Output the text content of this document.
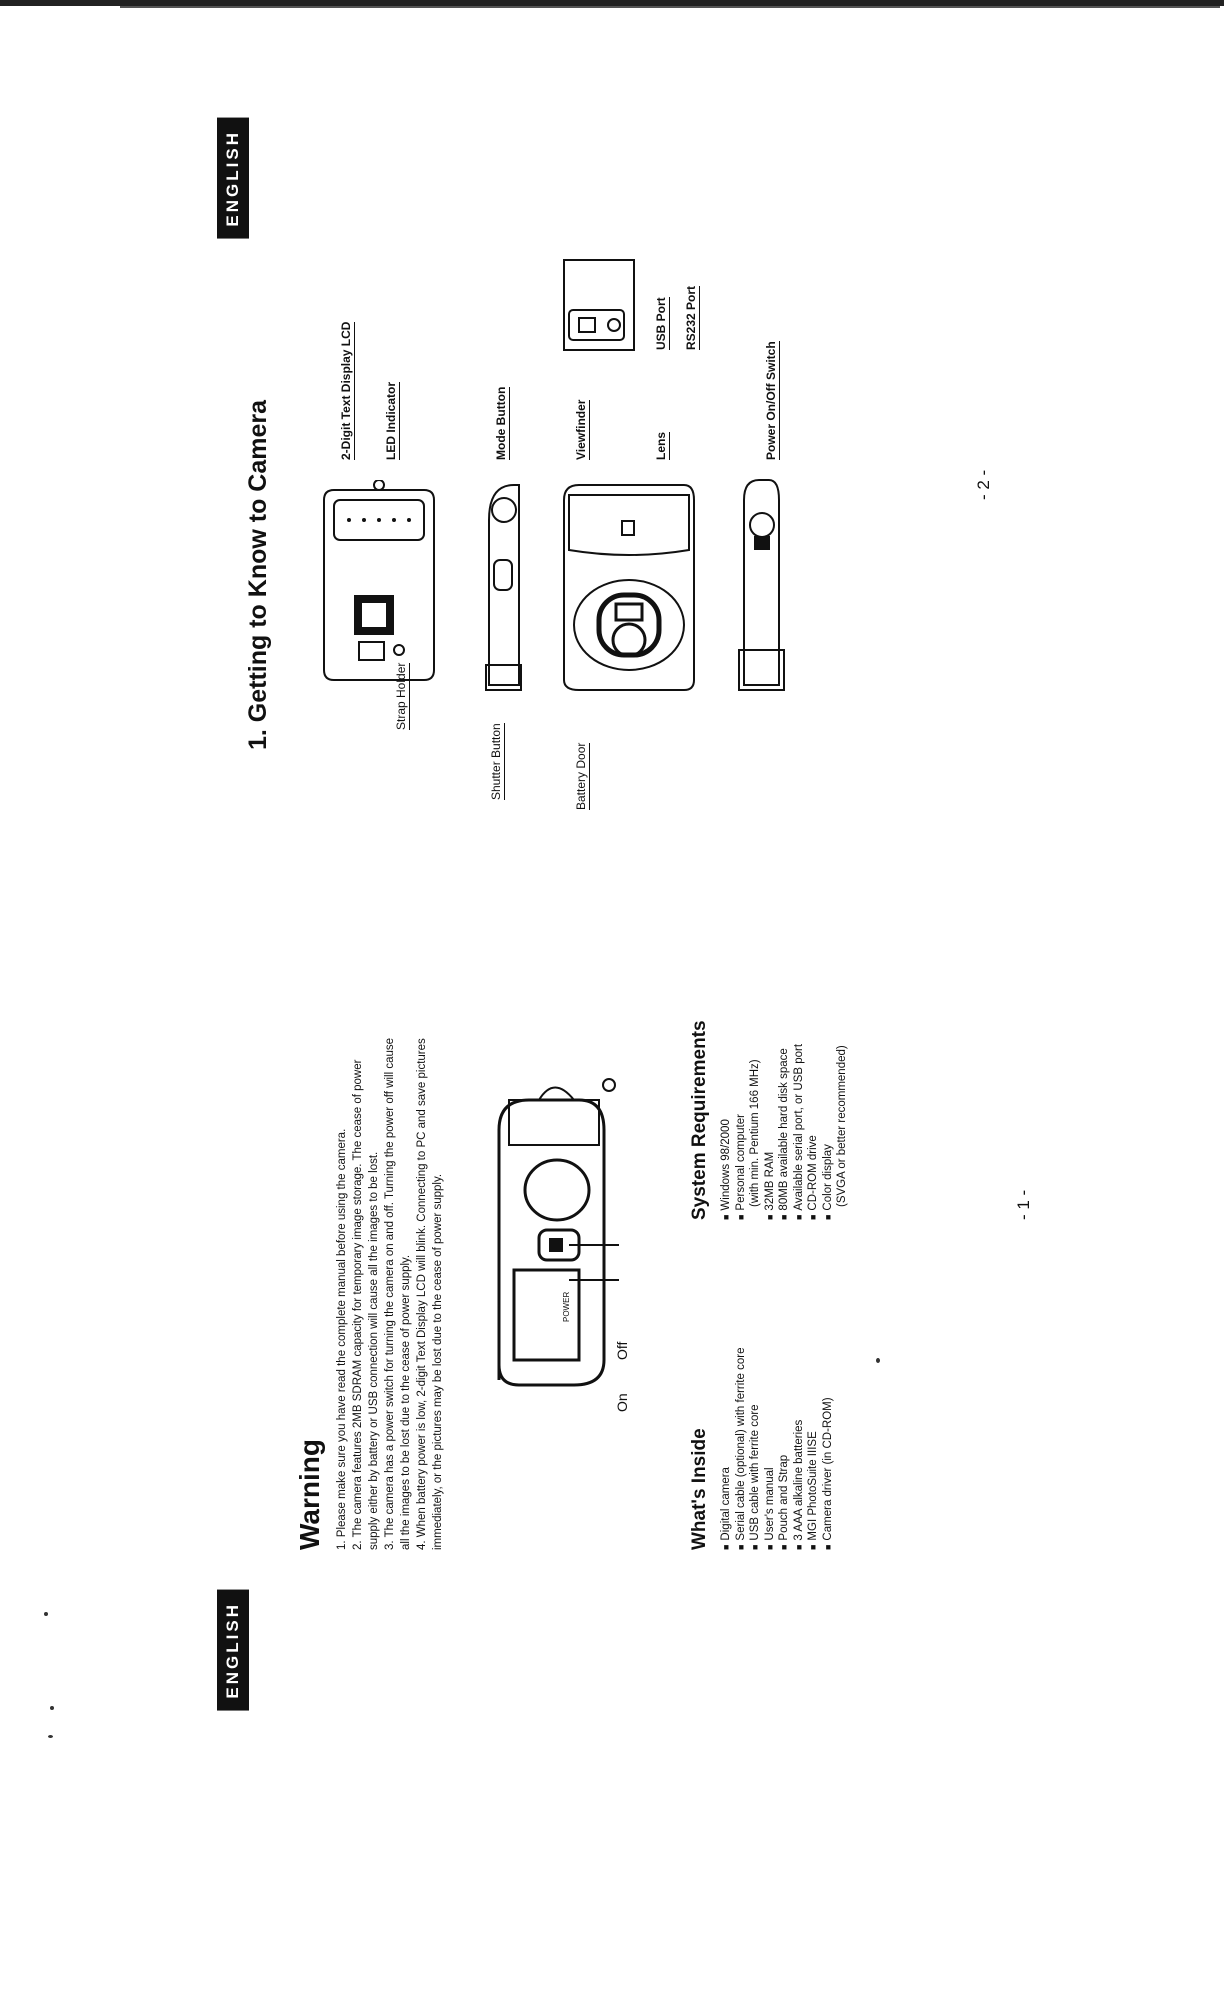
ENGLISH
Warning 1. Please make sure you have read the complete manual before using the camera. 2. The camera features 2MB SDRAM capacity for temporary image storage. The cease of power supply either by battery or USB connection will cause all the images to be lost. 3. The camera has a power switch for turning the camera on and off. Turning the power off will cause all the images to be lost due to the cease of power supply. 4. When battery power is low, 2-digit Text Display LCD will blink. Connecting to PC and save pictures immediately, or the pictures may be lost due to the cease of power supply.	On
Off
POWER
What's Inside ■ Digital camera ■ Serial cable (optional) with ferrite core ■ USB cable with ferrite core ■ User's manual ■ Pouch and Strap ■ 3 AAA alkaline batteries ■ MGI PhotoSuite IIISE ■ Camera driver (in CD-ROM)
System Requirements ■ Windows 98/2000 ■ Personal computer (with min. Pentium 166 MHz) ■ 32MB RAM ■ 80MB available hard disk space ■ Available serial port, or USB port ■ CD-ROM drive ■ Color display (SVGA or better recommended)	- 1 -
ENGLISH
1. Getting to Know to Camera	Strap Holder
Shutter Button	Battery Door
2-Digit Text Display LCD	LED Indicator	Mode Button	Viewfinder	Lens
USB Port RS232 Port
Power On/Off Switch
- 2 -
